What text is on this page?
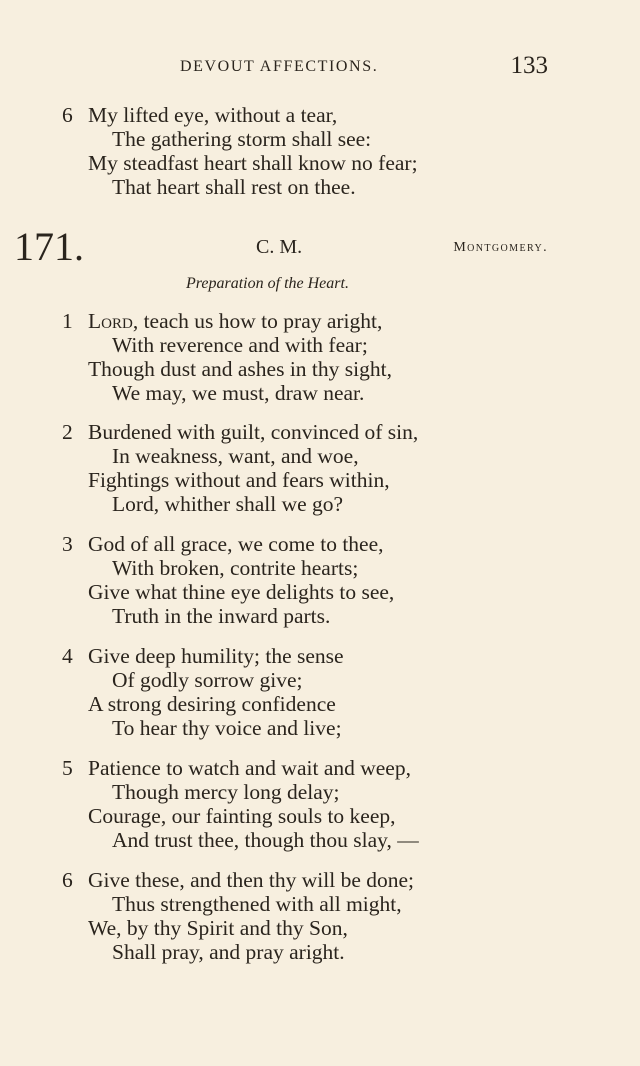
DEVOUT AFFECTIONS.	133
6 My lifted eye, without a tear,
The gathering storm shall see:
My steadfast heart shall know no fear;
That heart shall rest on thee.
171.	C. M.	Montgomery.
Preparation of the Heart.
1 Lord, teach us how to pray aright,
With reverence and with fear;
Though dust and ashes in thy sight,
We may, we must, draw near.
2 Burdened with guilt, convinced of sin,
In weakness, want, and woe,
Fightings without and fears within,
Lord, whither shall we go?
3 God of all grace, we come to thee,
With broken, contrite hearts;
Give what thine eye delights to see,
Truth in the inward parts.
4 Give deep humility; the sense
Of godly sorrow give;
A strong desiring confidence
To hear thy voice and live;
5 Patience to watch and wait and weep,
Though mercy long delay;
Courage, our fainting souls to keep,
And trust thee, though thou slay, —
6 Give these, and then thy will be done;
Thus strengthened with all might,
We, by thy Spirit and thy Son,
Shall pray, and pray aright.
